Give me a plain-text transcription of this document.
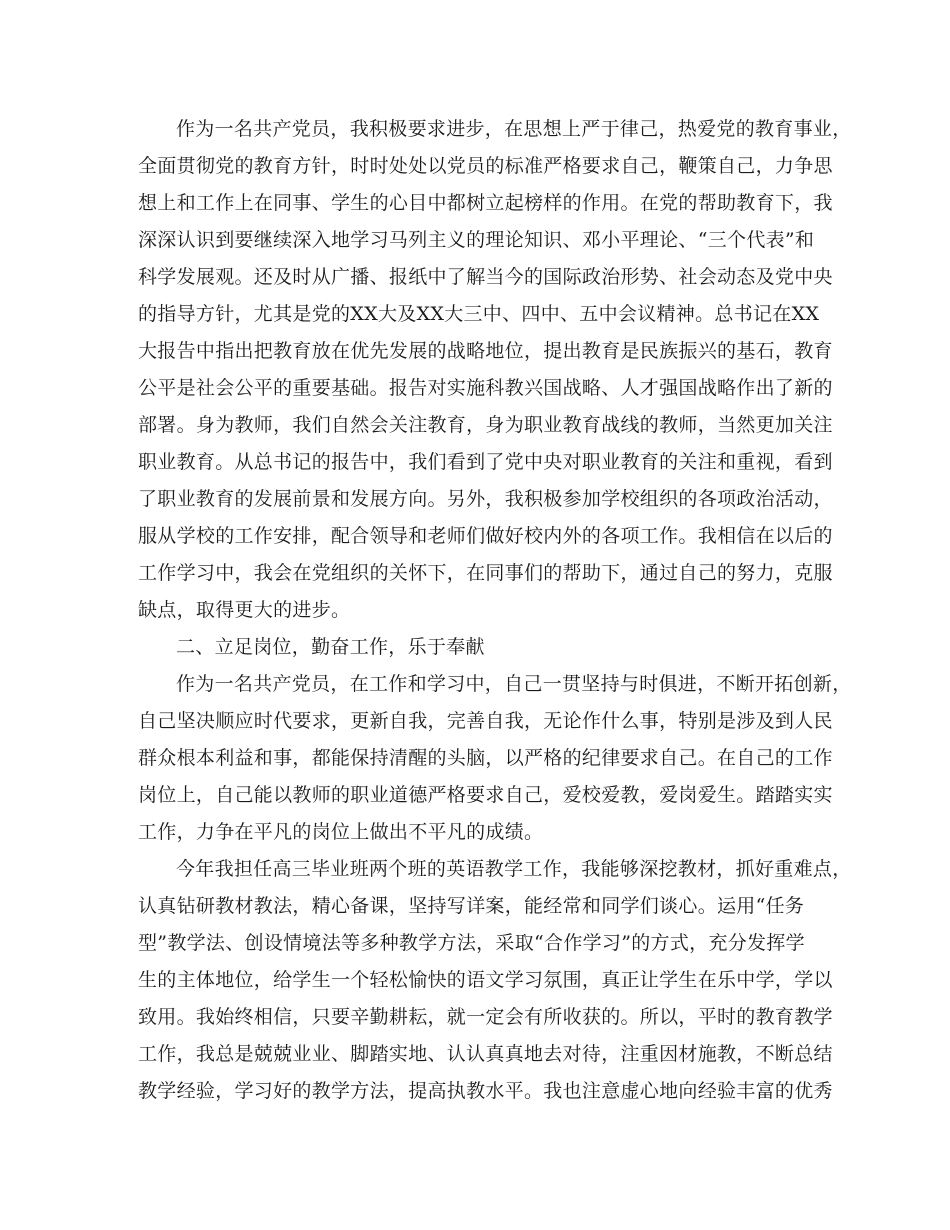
作为一名共产党员，我积极要求进步，在思想上严于律己，热爱党的教育事业，

全面贯彻党的教育方针，时时处处以党员的标准严格要求自己，鞭策自己，力争思

想上和工作上在同事、学生的心目中都树立起榜样的作用。在党的帮助教育下，我

深深认识到要继续深入地学习马列主义的理论知识、邓小平理论、“三个代表”和

科学发展观。还及时从广播、报纸中了解当今的国际政治形势、社会动态及党中央

的指导方针，尤其是党的XX大及XX大三中、四中、五中会议精神。总书记在XX

大报告中指出把教育放在优先发展的战略地位，提出教育是民族振兴的基石，教育

公平是社会公平的重要基础。报告对实施科教兴国战略、人才强国战略作出了新的

部署。身为教师，我们自然会关注教育，身为职业教育战线的教师，当然更加关注

职业教育。从总书记的报告中，我们看到了党中央对职业教育的关注和重视，看到

了职业教育的发展前景和发展方向。另外，我积极参加学校组织的各项政治活动，

服从学校的工作安排，配合领导和老师们做好校内外的各项工作。我相信在以后的

工作学习中，我会在党组织的关怀下，在同事们的帮助下，通过自己的努力，克服

缺点，取得更大的进步。

二、立足岗位，勤奋工作，乐于奉献

作为一名共产党员，在工作和学习中，自己一贯坚持与时俱进，不断开拓创新，

自己坚决顺应时代要求，更新自我，完善自我，无论作什么事，特别是涉及到人民

群众根本利益和事，都能保持清醒的头脑，以严格的纪律要求自己。在自己的工作

岗位上，自己能以教师的职业道德严格要求自己，爱校爱教，爱岗爱生。踏踏实实

工作，力争在平凡的岗位上做出不平凡的成绩。

今年我担任高三毕业班两个班的英语教学工作，我能够深挖教材，抓好重难点，

认真钻研教材教法，精心备课，坚持写详案，能经常和同学们谈心。运用“任务

型”教学法、创设情境法等多种教学方法，采取“合作学习”的方式，充分发挥学

生的主体地位，给学生一个轻松愉快的语文学习氛围，真正让学生在乐中学，学以

致用。我始终相信，只要辛勤耕耘，就一定会有所收获的。所以，平时的教育教学

工作，我总是兢兢业业、脚踏实地、认认真真地去对待，注重因材施教，不断总结

教学经验，学习好的教学方法，提高执教水平。我也注意虚心地向经验丰富的优秀
